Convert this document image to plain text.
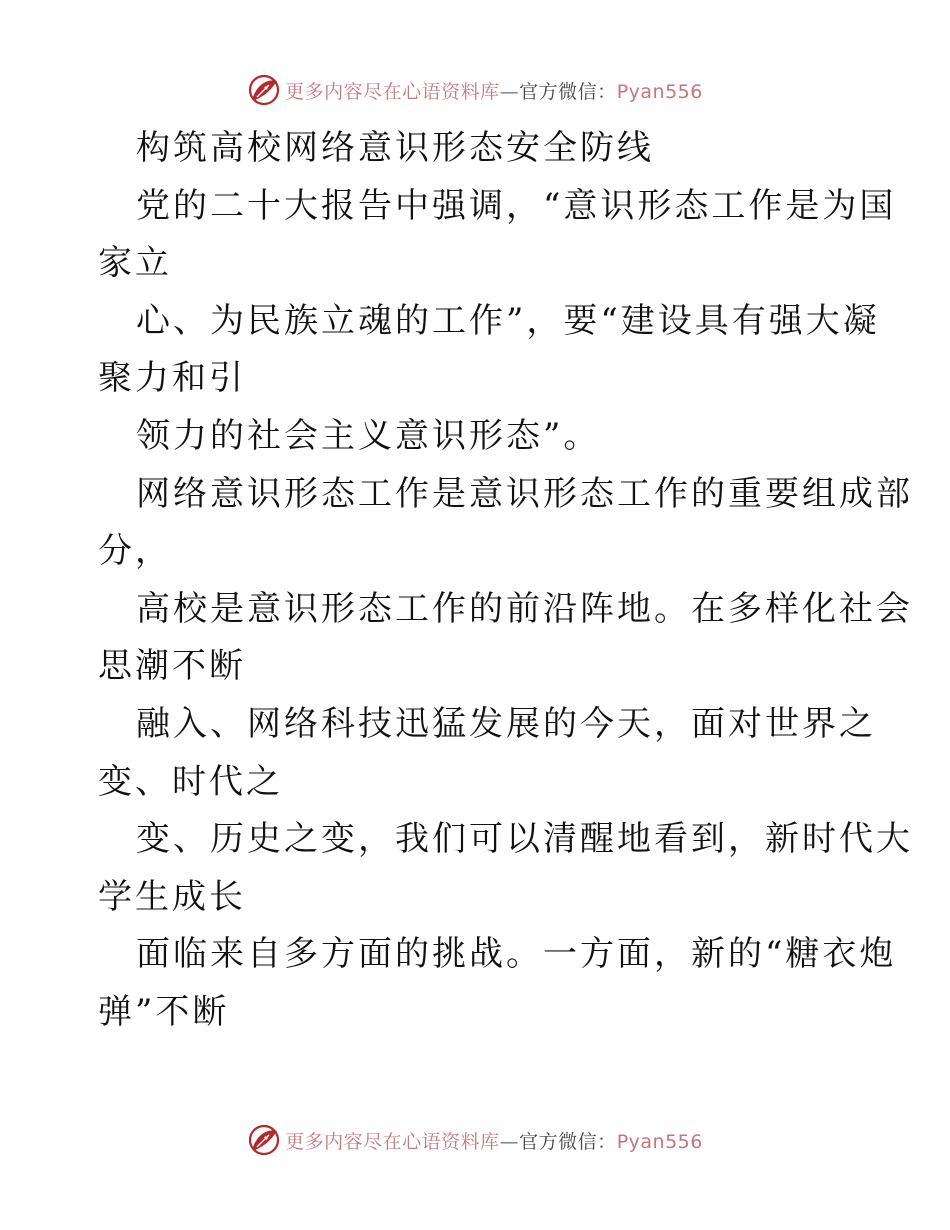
更多内容尽在心语资料库—官方微信：Pyan556
构筑高校网络意识形态安全防线
党的二十大报告中强调，“意识形态工作是为国
家立
心、为民族立魂的工作”，要“建设具有强大凝
聚力和引
领力的社会主义意识形态”。
网络意识形态工作是意识形态工作的重要组成部
分，
高校是意识形态工作的前沿阵地。在多样化社会
思潮不断
融入、网络科技迅猛发展的今天，面对世界之
变、时代之
变、历史之变，我们可以清醒地看到，新时代大
学生成长
面临来自多方面的挑战。一方面，新的“糖衣炮
弹”不断
更多内容尽在心语资料库—官方微信：Pyan556
